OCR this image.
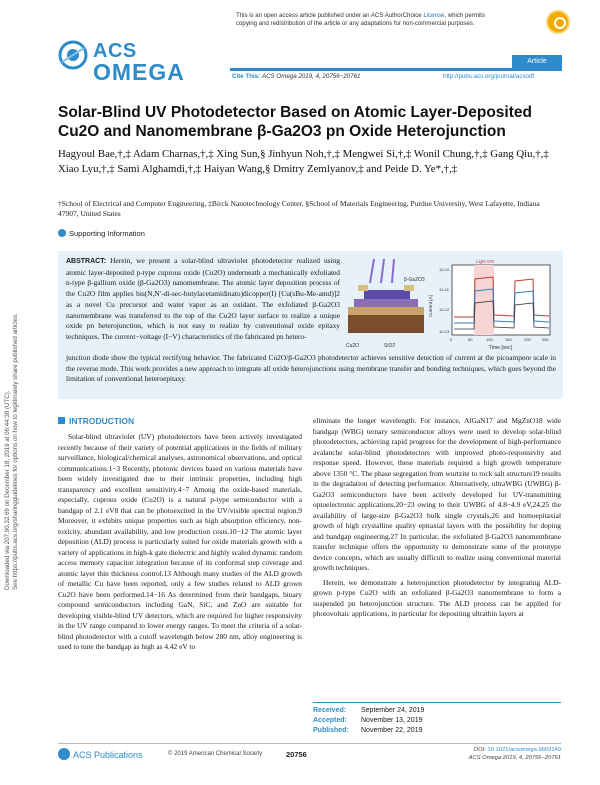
Downloaded via 207.90.32.69 on December 18, 2019 at 06:44:38 (UTC). See https://pubs.acs.org/sharingguidelines for options on how to legitimately share published articles.
This is an open access article published under an ACS AuthorChoice License, which permits
copying and redistribution of the article or any adaptations for non-commercial purposes.
ACS
OMEGA	Article
Cite This: ACS Omega 2019, 4, 20756−20761	http://pubs.acs.org/journal/acsodf
Solar-Blind UV Photodetector Based on Atomic Layer-Deposited Cu2O and Nanomembrane β-Ga2O3 pn Oxide Heterojunction
Hagyoul Bae,†,‡ Adam Charnas,†,‡ Xing Sun,§ Jinhyun Noh,†,‡ Mengwei Si,†,‡ Wonil Chung,†,‡ Gang Qiu,†,‡ Xiao Lyu,†,‡ Sami Alghamdi,†,‡ Haiyan Wang,§ Dmitry Zemlyanov,‡ and Peide D. Ye*,†,‡
†School of Electrical and Computer Engineering, ‡Birck Nanotechnology Center, §School of Materials Engineering, Purdue University, West Lafayette, Indiana 47907, United States
Supporting Information
ABSTRACT: Herein, we present a solar-blind ultraviolet photodetector realized using atomic layer-deposited p-type cuprous oxide (Cu2O) underneath a mechanically exfoliated n-type β-gallium oxide (β-Ga2O3) nanomembrane. The atomic layer deposition process of the Cu2O film applies bis(N,N′-di-sec-butylacetamidinato)dicopper(I) [Cu(sBu-Me-amd)]2 as a novel Cu precursor and water vapor as an oxidant. The exfoliated β-Ga2O3 nanomembrane was transferred to the top of the Cu2O layer surface to realize a unique oxide pn heterojunction, which is not easy to realize by conventional oxide epitaxy techniques. The current−voltage (I−V) characteristics of the fabricated pn hetero-
junction diode show the typical rectifying behavior. The fabricated Cu2O/β-Ga2O3 photodetector achieves sensitive detection of current at the picoampere scale in the reverse mode. This work provides a new approach to integrate all oxide heterojunctions using membrane transfer and bonding techniques, which goes beyond the limitation of conventional heteroepitaxy.
β-Ga2O3
Cu2O	SiO2
Light ON
10-10
10-11
10-12
10-13
0	50	100	150	200	250
Time [sec]
Current [A]
INTRODUCTION

Solar-blind ultraviolet (UV) photodetectors have been actively investigated recently because of their variety of potential applications in the fields of military surveillance, biological/chemical analyses, astronomical observations, and optical communications.1−3 Recently, photonic devices based on various materials have been widely investigated due to their intrinsic properties, including high transparency and excellent sensitivity.4−7 Among the oxide-based materials, especially, cuprous oxide (Cu2O) is a natural p-type semiconductor with a bandgap of 2.1 eV8 that can be photoexcited in the UV/visible spectral region.9 Moreover, it exhibits unique properties such as high absorption efficiency, non-toxicity, abundant availability, and low production costs.10−12 The atomic layer deposition (ALD) process is particularly suited for oxide materials growth with a variety of applications in high-k gate dielectric and highly scaled dynamic random access memory capacitor integration because of its conformal step coverage and atomic layer thin thickness control.13 Although many studies of the ALD growth of metallic Cu have been reported, only a few studies related to ALD grown Cu2O have been performed.14−16 As determined from their bandgaps, binary compound semiconductors including GaN, SiC, and ZnO are suitable for developing visible-blind UV detectors, which are required for higher responsivity in the UV range compared to lower energy ranges. To meet the criteria of a solar-blind photodetector with a cutoff wavelength below 280 nm, alloy engineering is used to tune the bandgap as high as 4.42 eV to

eliminate the longer wavelength. For instance, AlGaN17 and MgZnO18 wide bandgap (WBG) ternary semiconductor alloys were used to develop solar-blind photodetectors, achieving rapid progress for the development of high-performance avalanche solar-blind photodetectors with improved photo-responsivity and response speed. However, these materials required a high growth temperature above 1350 °C. The phase segregation from wurtzite to rock salt structure19 results in the degradation of detecting performance. Alternatively, ultraWBG (UWBG) β-Ga2O3 semiconductors have been actively developed for UV-transmitting optoelectronic applications,20−23 owing to their UWBG of 4.8−4.9 eV,24,25 the availability of large-size β-Ga2O3 bulk single crystals,26 and homoepitaxial growth of high crystalline quality epitaxial layers with the possibility for doping and bandgap engineering.27 In particular, the exfoliated β-Ga2O3 nanomembrane transfer technique offers the opportunity to demonstrate some of the prototype device concepts, which are usually difficult to realize using conventional material growth techniques.

Herein, we demonstrate a heterojunction photodetector by integrating ALD-grown p-type Cu2O with an exfoliated β-Ga2O3 nanomembrane to form a suspended pn heterojunction structure. The ALD process can be applied for photovoltaic applications, in particular for depositing ultrathin layers at

Received: September 24, 2019
Accepted: November 13, 2019
Published: November 22, 2019
ACS Publications	© 2019 American Chemical Society	20756	DOI: 10.1021/acsomega.9b03149
ACS Omega 2019, 4, 20756−20761
